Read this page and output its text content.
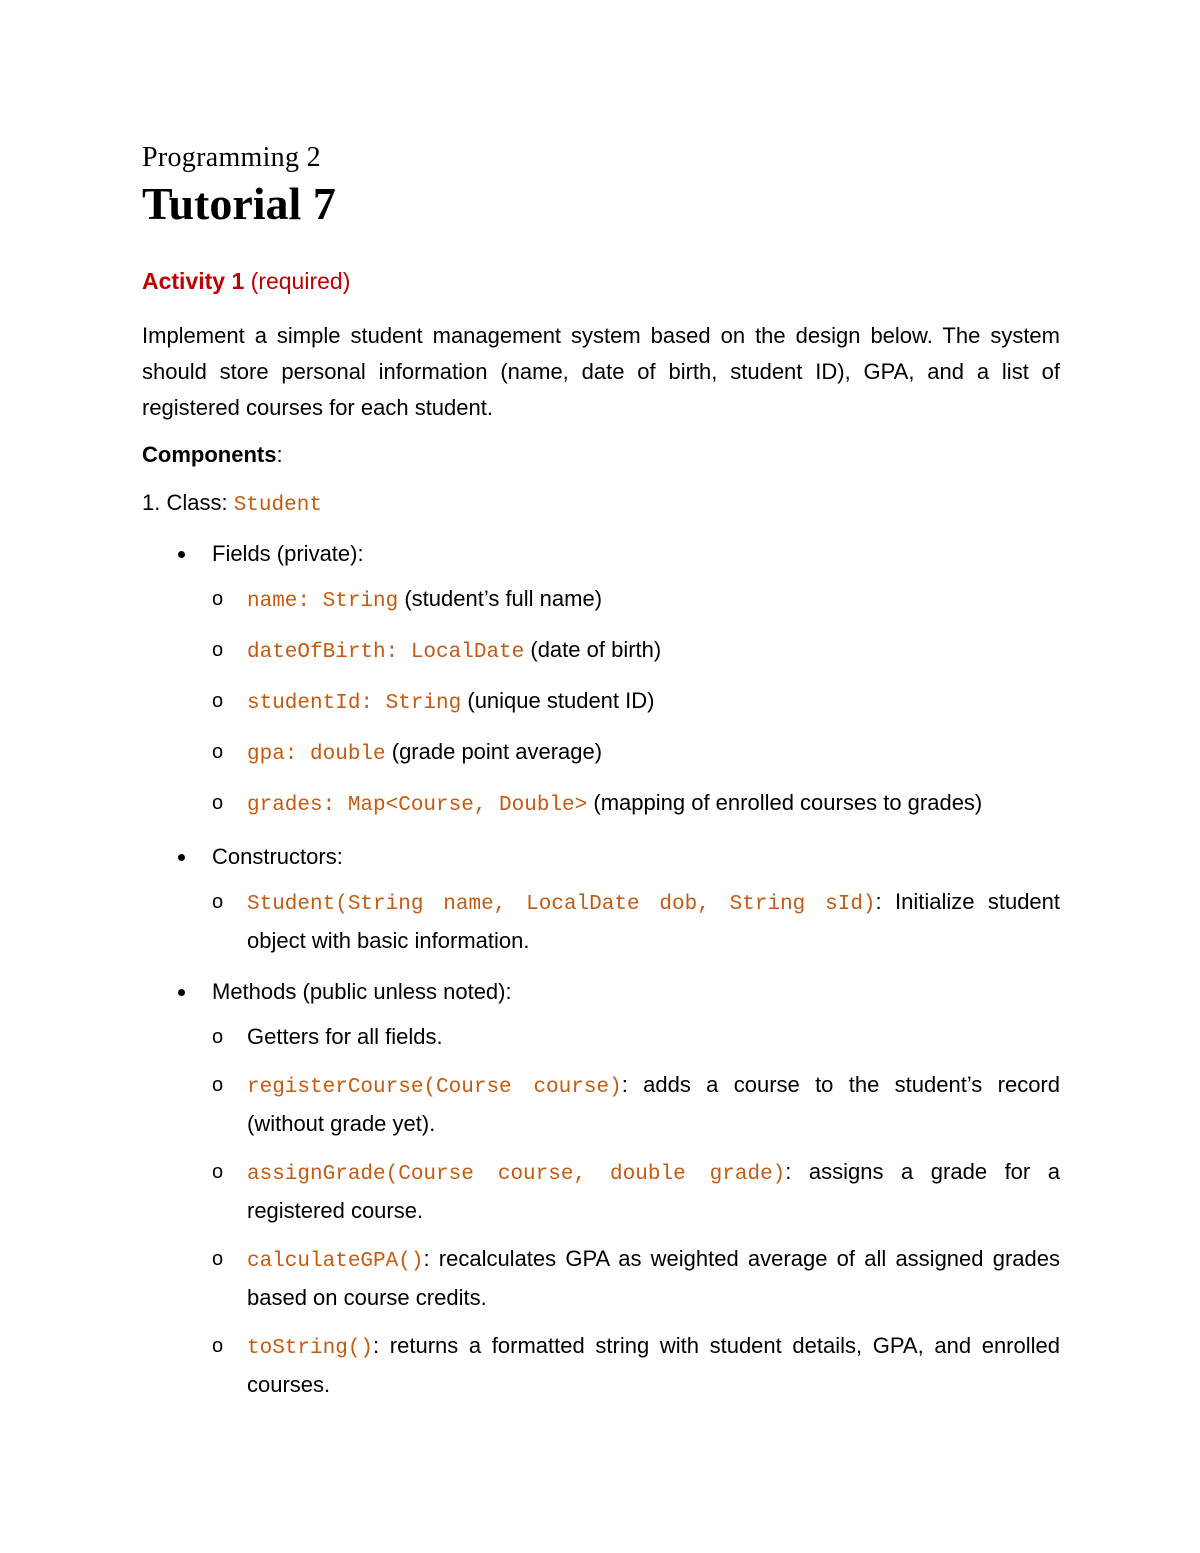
Programming 2
Tutorial 7
Activity 1 (required)
Implement a simple student management system based on the design below. The system should store personal information (name, date of birth, student ID), GPA, and a list of registered courses for each student.
Components:
1. Class: Student
Fields (private):
o name: String (student’s full name)
o dateOfBirth: LocalDate (date of birth)
o studentId: String (unique student ID)
o gpa: double (grade point average)
o grades: Map<Course, Double> (mapping of enrolled courses to grades)
Constructors:
o Student(String name, LocalDate dob, String sId): Initialize student object with basic information.
Methods (public unless noted):
o Getters for all fields.
o registerCourse(Course course): adds a course to the student’s record (without grade yet).
o assignGrade(Course course, double grade): assigns a grade for a registered course.
o calculateGPA(): recalculates GPA as weighted average of all assigned grades based on course credits.
o toString(): returns a formatted string with student details, GPA, and enrolled courses.
